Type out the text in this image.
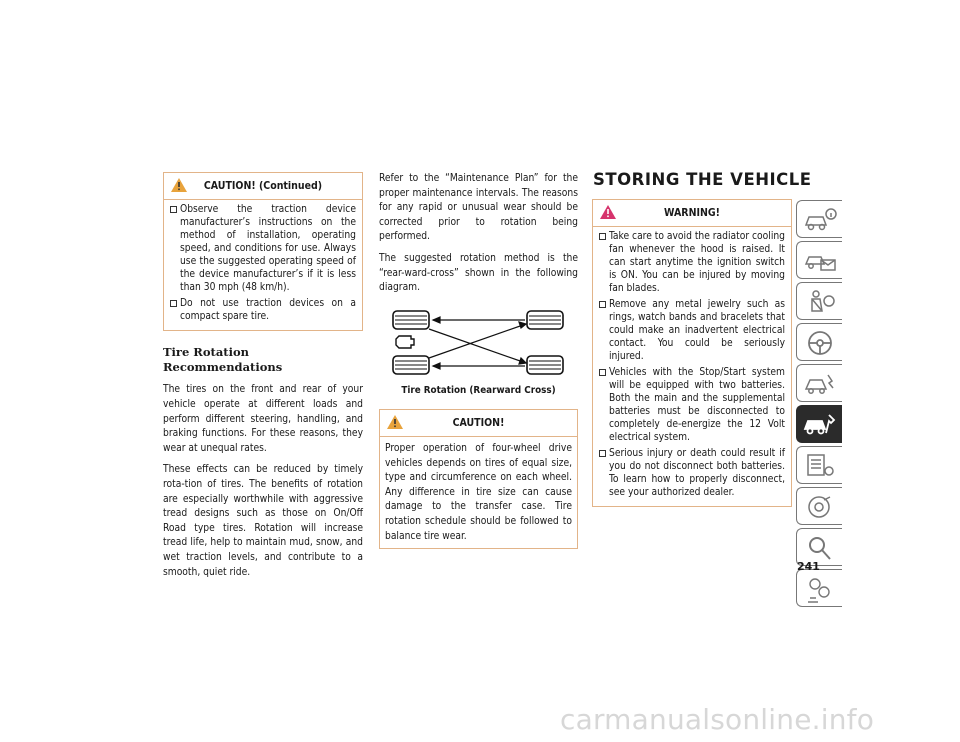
CAUTION! (Continued)
Observe the traction device manufacturer’s instructions on the method of installation, operating speed, and conditions for use. Always use the suggested operating speed of the device manufacturer’s if it is less than 30 mph (48 km/h).
Do not use traction devices on a compact spare tire.
Tire Rotation Recommendations

The tires on the front and rear of your vehicle operate at different loads and perform different steering, handling, and braking functions. For these reasons, they wear at unequal rates.

These effects can be reduced by timely rota-tion of tires. The benefits of rotation are especially worthwhile with aggressive tread designs such as those on On/Off Road type tires. Rotation will increase tread life, help to maintain mud, snow, and wet traction levels, and contribute to a smooth, quiet ride.

Refer to the “Maintenance Plan” for the proper maintenance intervals. The reasons for any rapid or unusual wear should be corrected prior to rotation being performed.

The suggested rotation method is the “rear-ward-cross” shown in the following diagram.

Tire Rotation (Rearward Cross)
CAUTION!
Proper operation of four-wheel drive vehicles depends on tires of equal size, type and circumference on each wheel. Any difference in tire size can cause damage to the transfer case. Tire rotation schedule should be followed to balance tire wear.
STORING THE VEHICLE
WARNING!
Take care to avoid the radiator cooling fan whenever the hood is raised. It can start anytime the ignition switch is ON. You can be injured by moving fan blades.
Remove any metal jewelry such as rings, watch bands and bracelets that could make an inadvertent electrical contact. You could be seriously injured.
Vehicles with the Stop/Start system will be equipped with two batteries. Both the main and the supplemental batteries must be disconnected to completely de-energize the 12 Volt electrical system.
Serious injury or death could result if you do not disconnect both batteries. To learn how to properly disconnect, see your authorized dealer.
241
carmanualsonline.info
